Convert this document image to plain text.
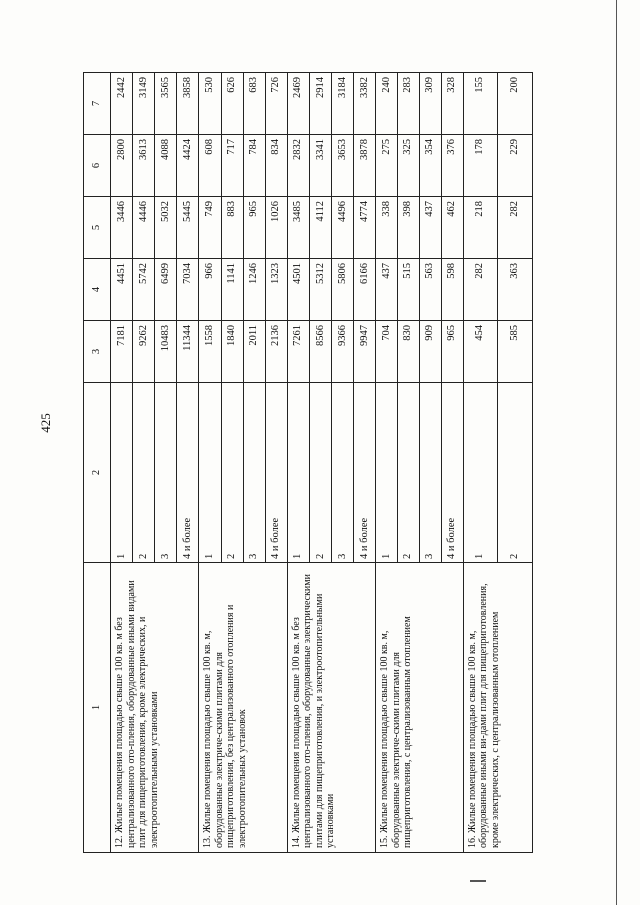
425
1	2	3	4	5	6	7
12. Жилые помещения площадью свыше 100 кв. м без централизованного ото-пления, оборудованные иными видами плит для пищеприготовления, кроме электрических, и электроотопительными установками	1	7181	4451	3446	2800	2442
	2	9262	5742	4446	3613	3149
	3	10483	6499	5032	4088	3565
	4 и более	11344	7034	5445	4424	3858
13. Жилые помещения площадью свыше 100 кв. м, оборудованные электриче-скими плитами для пищеприготовления, без централизованного отопления и электроотопительных установок	1	1558	966	749	608	530
	2	1840	1141	883	717	626
	3	2011	1246	965	784	683
	4 и более	2136	1323	1026	834	726
14. Жилые помещения площадью свыше 100 кв. м без централизованного ото-пления, оборудованные электрическими плитами для пищеприготовления, и электроотопительными установками	1	7261	4501	3485	2832	2469
	2	8566	5312	4112	3341	2914
	3	9366	5806	4496	3653	3184
	4 и более	9947	6166	4774	3878	3382
15. Жилые помещения площадью свыше 100 кв. м, оборудованные электриче-скими плитами для пищеприготовления, с централизованным отоплением	1	704	437	338	275	240
	2	830	515	398	325	283
	3	909	563	437	354	309
	4 и более	965	598	462	376	328
16. Жилые помещения площадью свыше 100 кв. м, оборудованные иными ви-дами плит для пищеприготовления, кроме электрических, с централизованным отоплением	1	454	282	218	178	155
	2	585	363	282	229	200
